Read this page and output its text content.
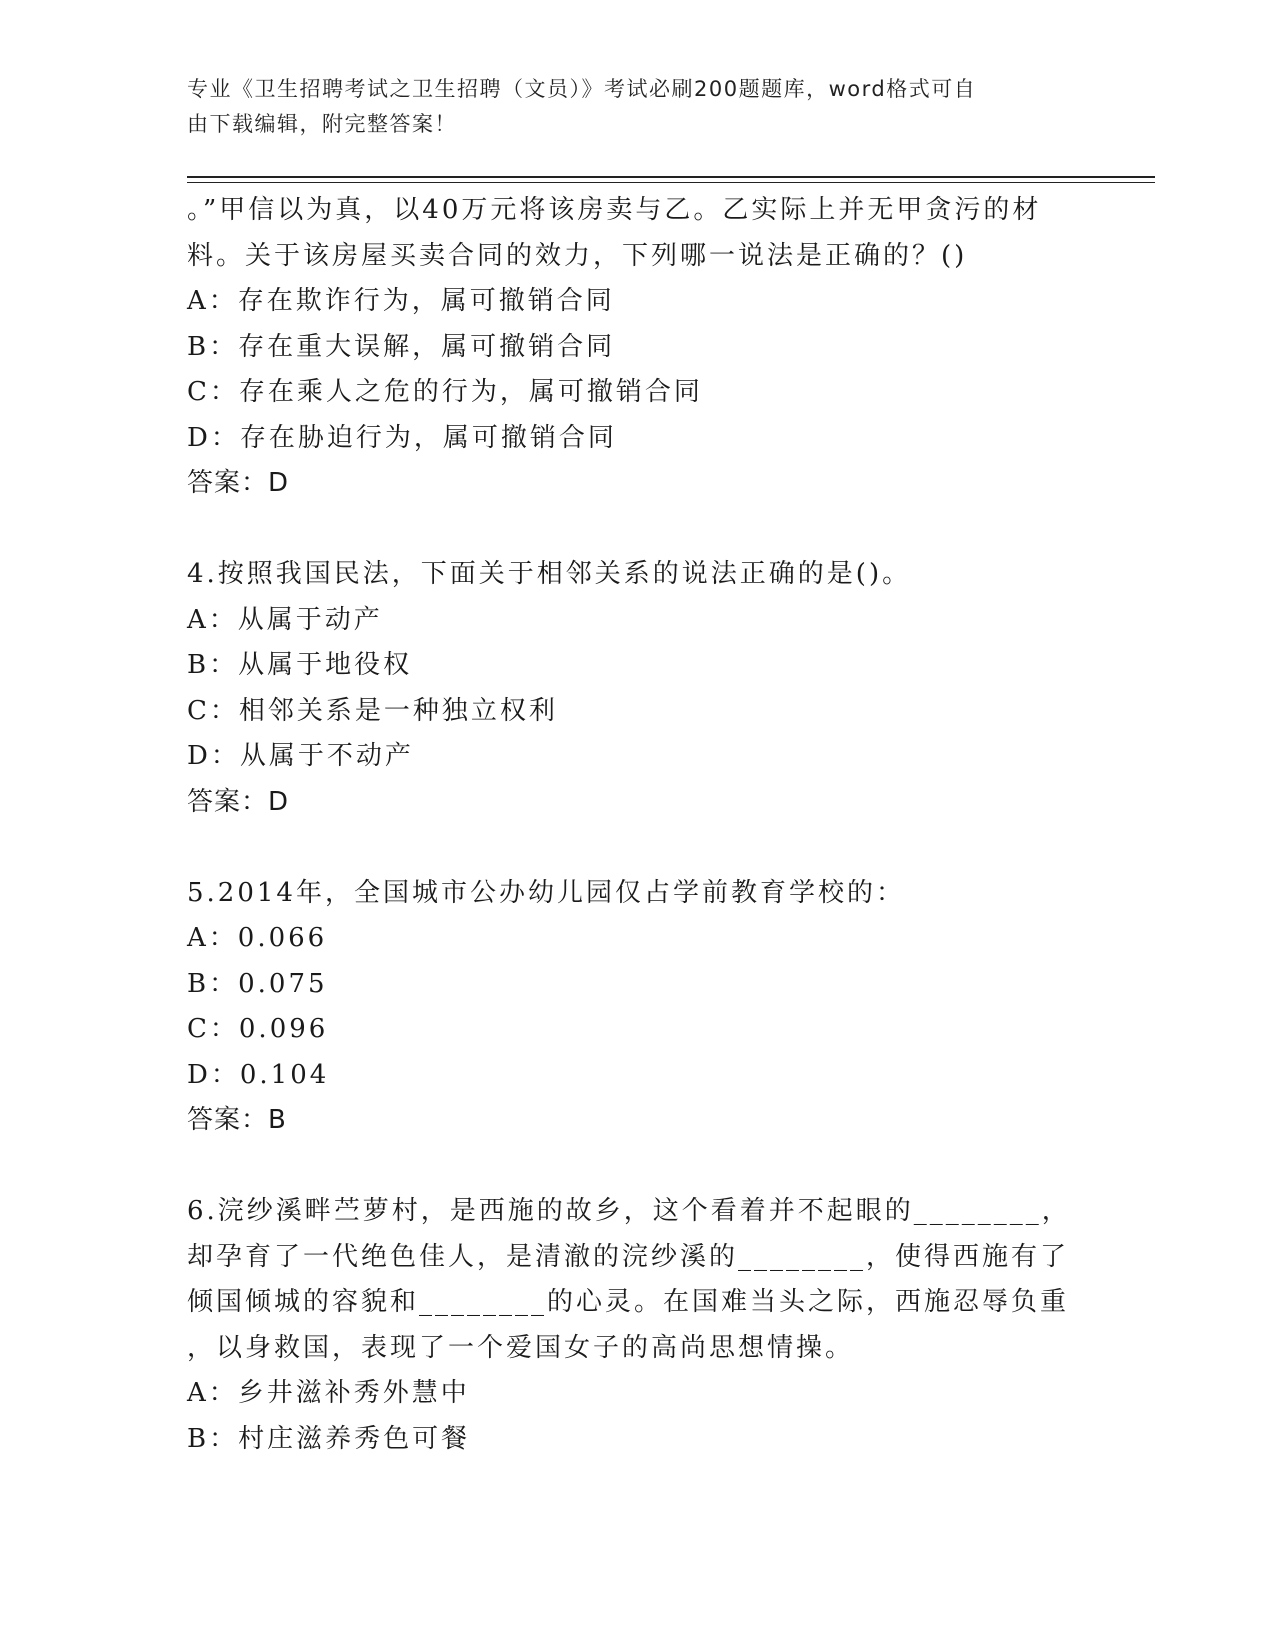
专业《卫生招聘考试之卫生招聘（文员）》考试必刷200题题库，word格式可自
由下载编辑，附完整答案！
。”甲信以为真，以40万元将该房卖与乙。乙实际上并无甲贪污的材
料。关于该房屋买卖合同的效力，下列哪一说法是正确的？()
A：存在欺诈行为，属可撤销合同
B：存在重大误解，属可撤销合同
C：存在乘人之危的行为，属可撤销合同
D：存在胁迫行为，属可撤销合同
答案：D
4.按照我国民法，下面关于相邻关系的说法正确的是()。
A：从属于动产
B：从属于地役权
C：相邻关系是一种独立权利
D：从属于不动产
答案：D
5.2014年，全国城市公办幼儿园仅占学前教育学校的：
A：0.066
B：0.075
C：0.096
D：0.104
答案：B
6.浣纱溪畔苎萝村，是西施的故乡，这个看着并不起眼的________，
却孕育了一代绝色佳人，是清澈的浣纱溪的________，使得西施有了
倾国倾城的容貌和________的心灵。在国难当头之际，西施忍辱负重
，以身救国，表现了一个爱国女子的高尚思想情操。
A：乡井滋补秀外慧中
B：村庄滋养秀色可餐
